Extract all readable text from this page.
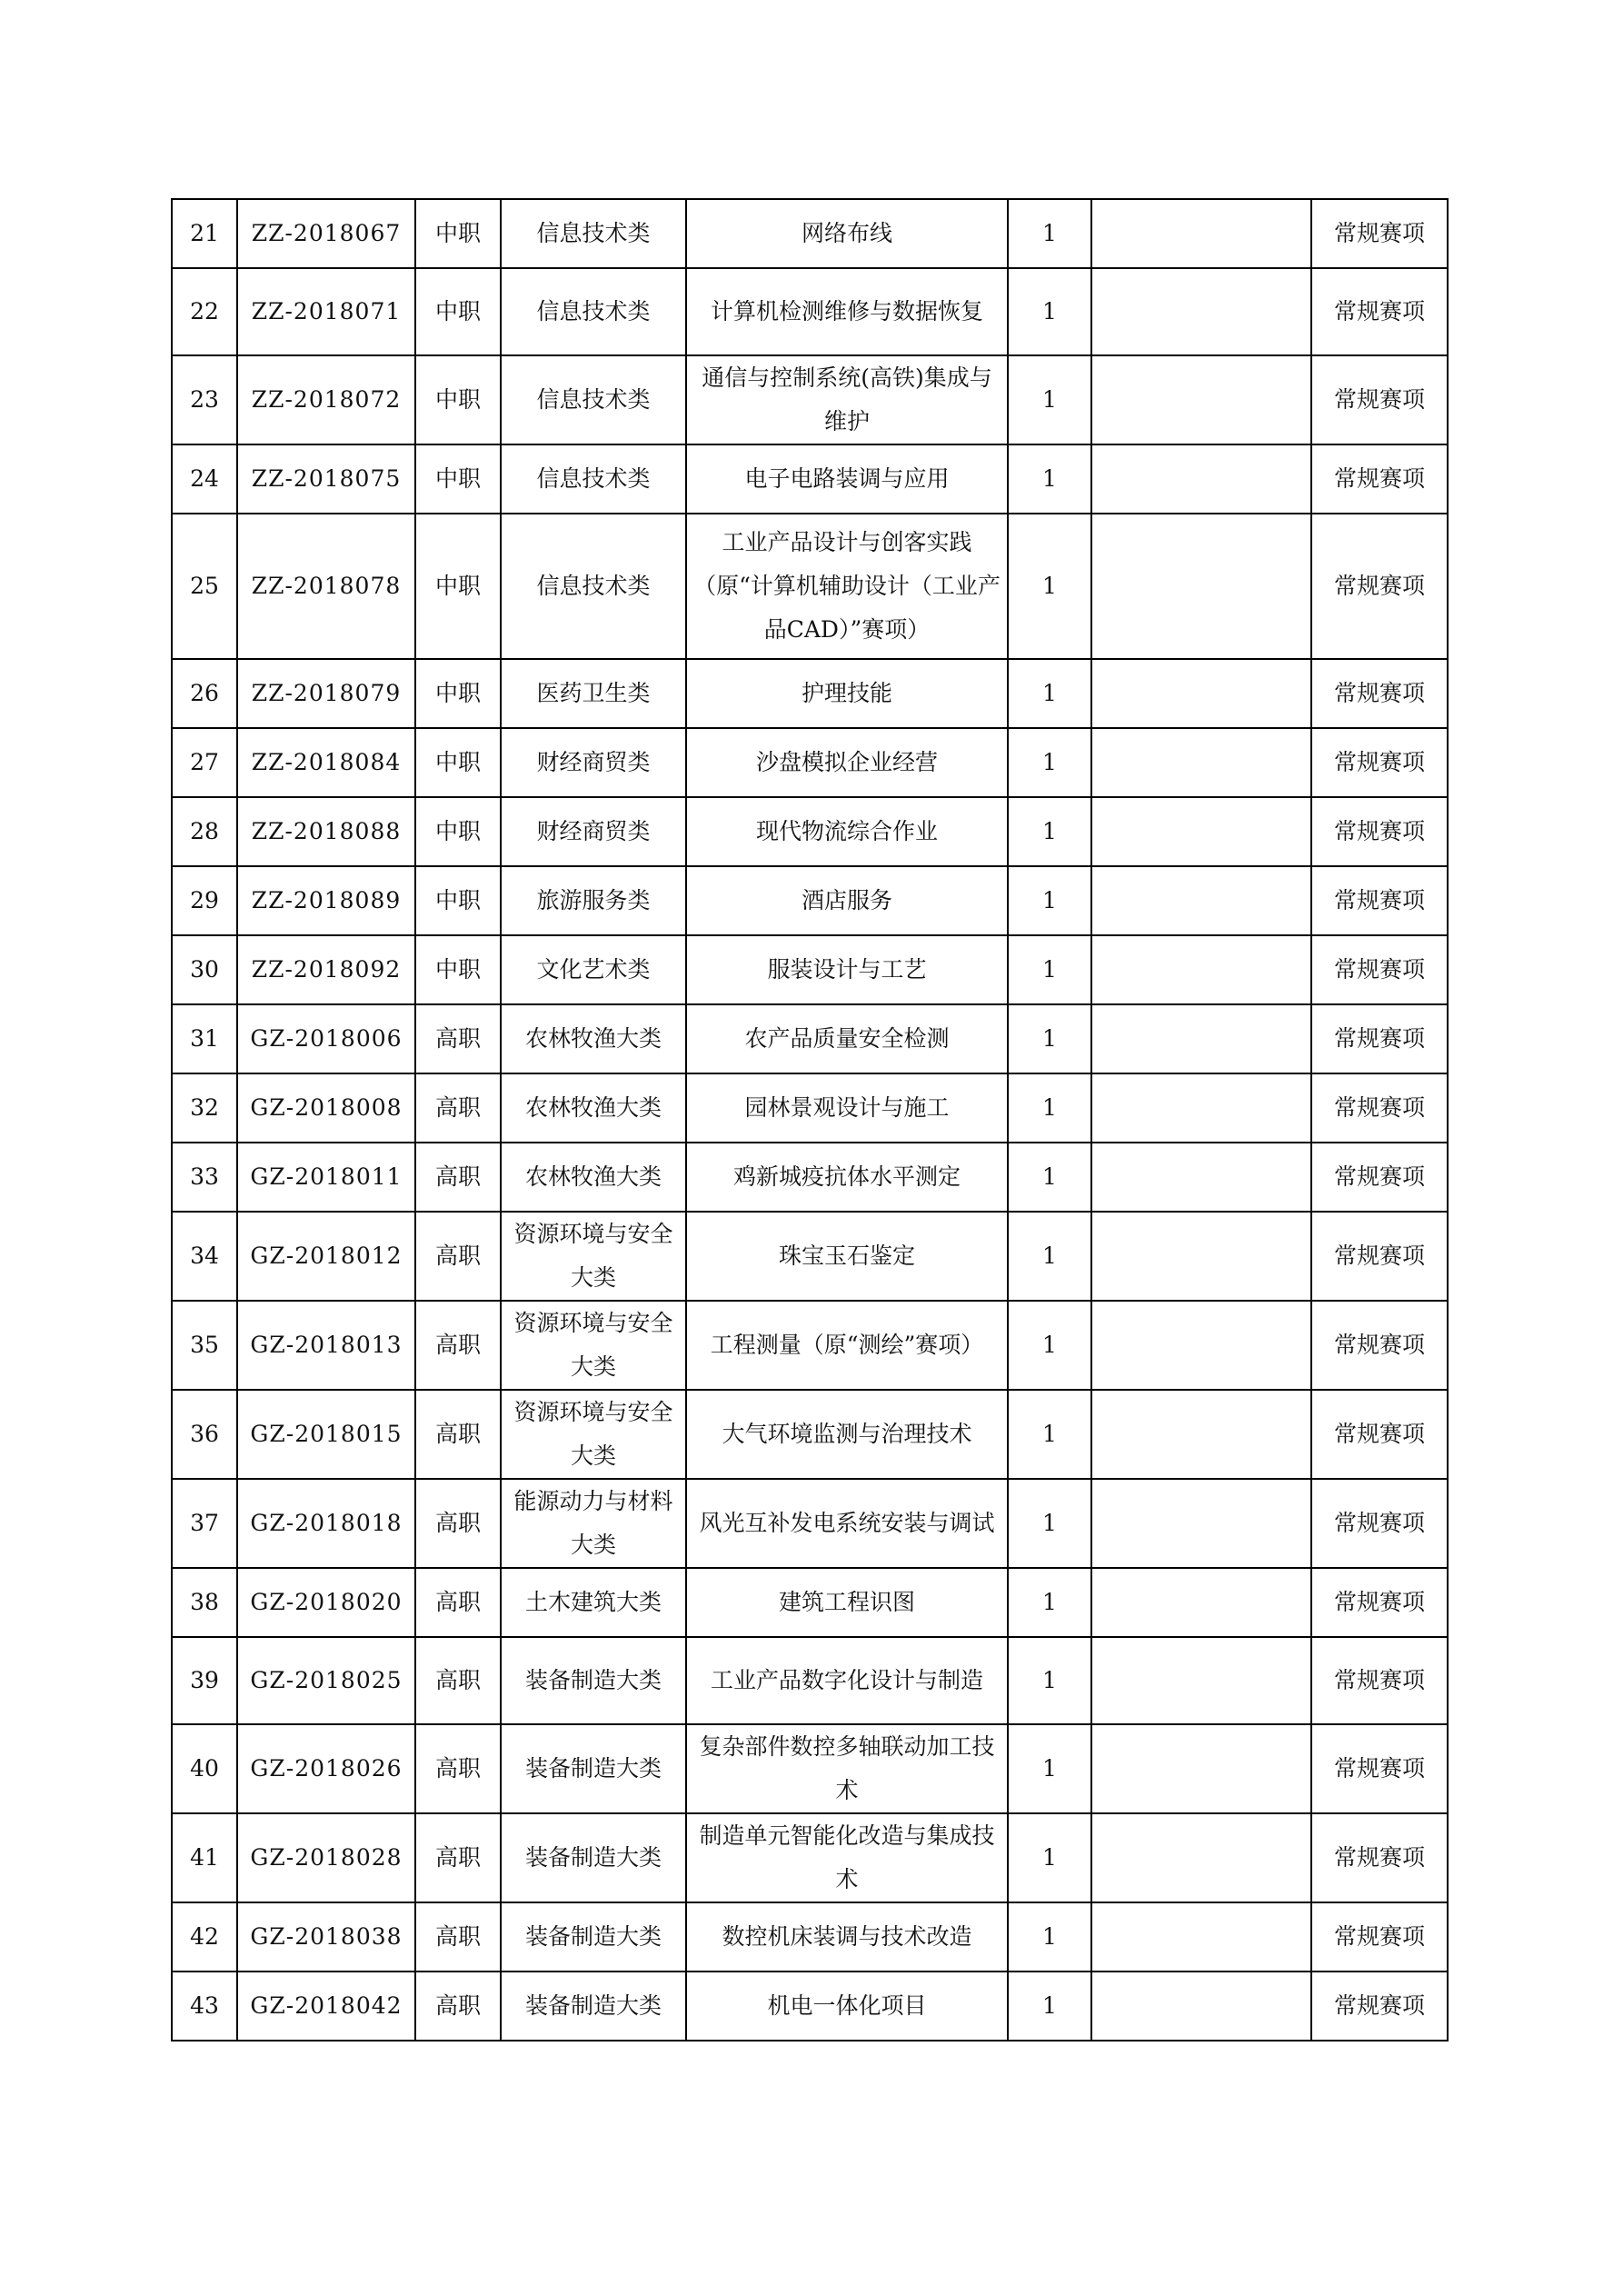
21	ZZ-2018067	中职	信息技术类	网络布线	1		常规赛项
22	ZZ-2018071	中职	信息技术类	计算机检测维修与数据恢复	1		常规赛项
23	ZZ-2018072	中职	信息技术类	通信与控制系统(高铁)集成与维护	1		常规赛项
24	ZZ-2018075	中职	信息技术类	电子电路装调与应用	1		常规赛项
25	ZZ-2018078	中职	信息技术类	工业产品设计与创客实践（原“计算机辅助设计（工业产品CAD）”赛项）	1		常规赛项
26	ZZ-2018079	中职	医药卫生类	护理技能	1		常规赛项
27	ZZ-2018084	中职	财经商贸类	沙盘模拟企业经营	1		常规赛项
28	ZZ-2018088	中职	财经商贸类	现代物流综合作业	1		常规赛项
29	ZZ-2018089	中职	旅游服务类	酒店服务	1		常规赛项
30	ZZ-2018092	中职	文化艺术类	服装设计与工艺	1		常规赛项
31	GZ-2018006	高职	农林牧渔大类	农产品质量安全检测	1		常规赛项
32	GZ-2018008	高职	农林牧渔大类	园林景观设计与施工	1		常规赛项
33	GZ-2018011	高职	农林牧渔大类	鸡新城疫抗体水平测定	1		常规赛项
34	GZ-2018012	高职	资源环境与安全大类	珠宝玉石鉴定	1		常规赛项
35	GZ-2018013	高职	资源环境与安全大类	工程测量（原“测绘”赛项）	1		常规赛项
36	GZ-2018015	高职	资源环境与安全大类	大气环境监测与治理技术	1		常规赛项
37	GZ-2018018	高职	能源动力与材料大类	风光互补发电系统安装与调试	1		常规赛项
38	GZ-2018020	高职	土木建筑大类	建筑工程识图	1		常规赛项
39	GZ-2018025	高职	装备制造大类	工业产品数字化设计与制造	1		常规赛项
40	GZ-2018026	高职	装备制造大类	复杂部件数控多轴联动加工技术	1		常规赛项
41	GZ-2018028	高职	装备制造大类	制造单元智能化改造与集成技术	1		常规赛项
42	GZ-2018038	高职	装备制造大类	数控机床装调与技术改造	1		常规赛项
43	GZ-2018042	高职	装备制造大类	机电一体化项目	1		常规赛项
